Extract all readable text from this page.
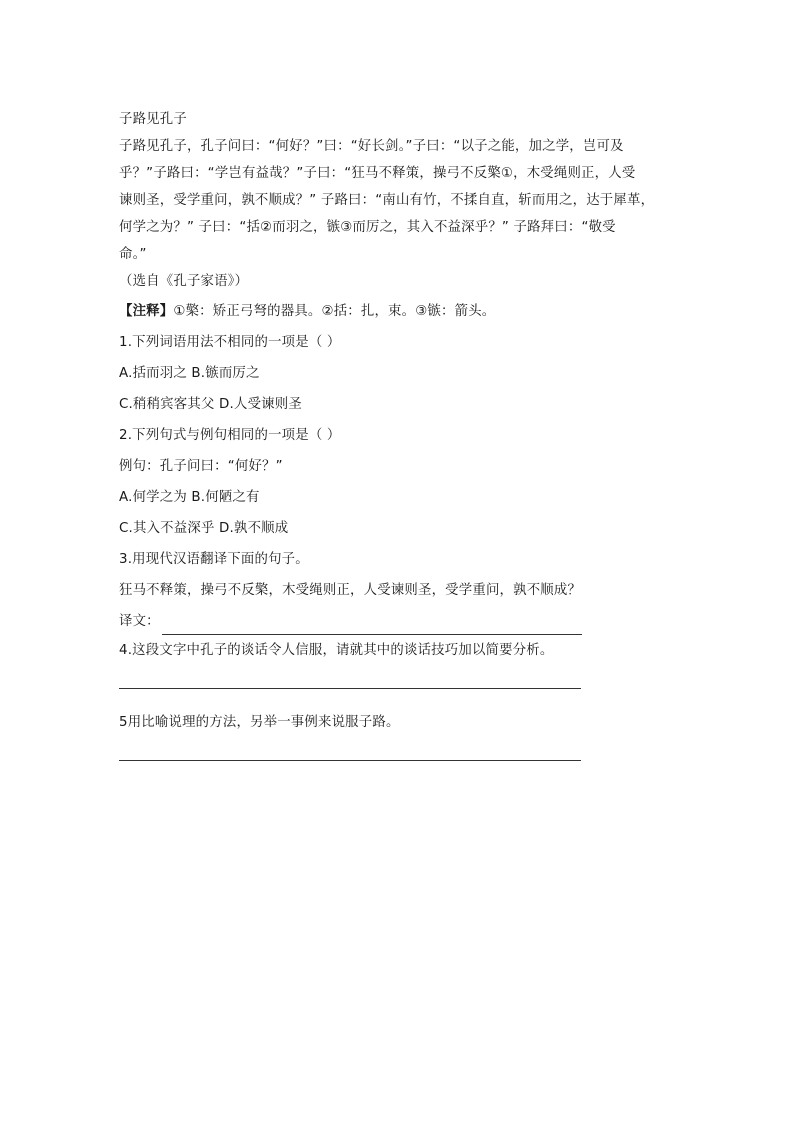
子路见孔子
子路见孔子，孔子问曰：“何好？”曰：“好长剑。”子曰：“以子之能，加之学，岂可及
乎？”子路曰：“学岂有益哉？”子曰：“狂马不释策，操弓不反檠①，木受绳则正，人受
谏则圣，受学重问，孰不顺成？” 子路曰：“南山有竹，不揉自直，斩而用之，达于犀革，
何学之为？” 子曰：“括②而羽之，镞③而厉之，其入不益深乎？” 子路拜曰：“敬受
命。”
（选自《孔子家语》）
【注释】①檠：矫正弓弩的器具。②括：扎，束。③镞：箭头。
1.下列词语用法不相同的一项是（ ）
A.括而羽之 B.镞而厉之
C.稍稍宾客其父 D.人受谏则圣
2.下列句式与例句相同的一项是（ ）
例句：孔子问曰：“何好？”
A.何学之为 B.何陋之有
C.其入不益深乎 D.孰不顺成
3.用现代汉语翻译下面的句子。
狂马不释策，操弓不反檠，木受绳则正，人受谏则圣，受学重问，孰不顺成？
译文：
4.这段文字中孔子的谈话令人信服，请就其中的谈话技巧加以简要分析。
5用比喻说理的方法，另举一事例来说服子路。
